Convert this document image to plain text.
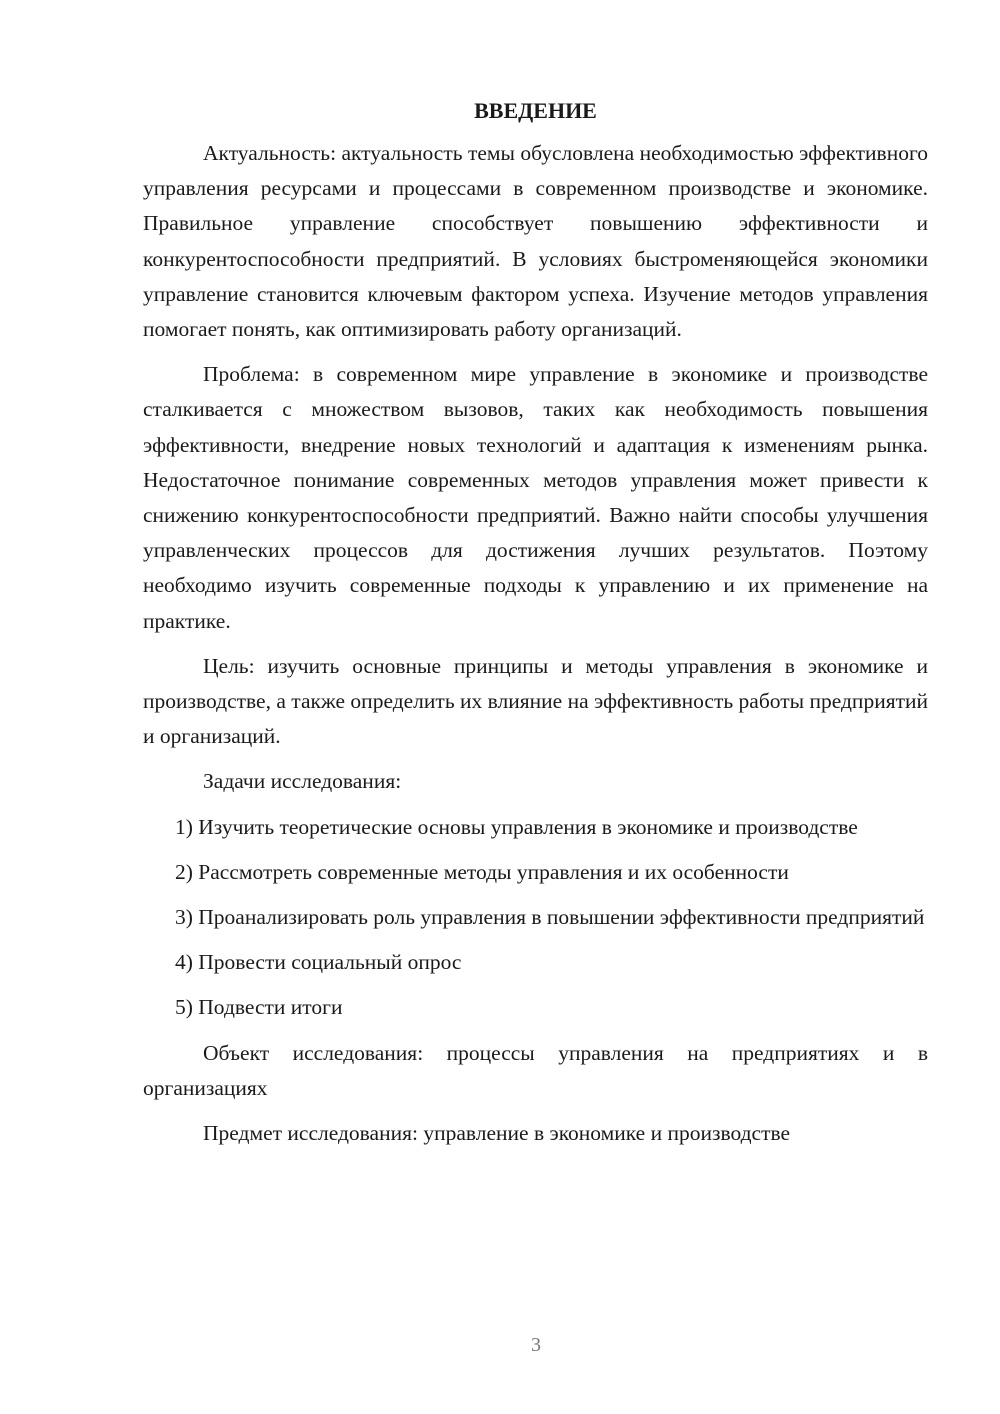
ВВЕДЕНИЕ

Актуальность: актуальность темы обусловлена необходимостью эффективного управления ресурсами и процессами в современном производстве и экономике. Правильное управление способствует повышению эффективности и конкурентоспособности предприятий. В условиях быстроменяющейся экономики управление становится ключевым фактором успеха. Изучение методов управления помогает понять, как оптимизировать работу организаций.

Проблема: в современном мире управление в экономике и производстве сталкивается с множеством вызовов, таких как необходимость повышения эффективности, внедрение новых технологий и адаптация к изменениям рынка. Недостаточное понимание современных методов управления может привести к снижению конкурентоспособности предприятий. Важно найти способы улучшения управленческих процессов для достижения лучших результатов. Поэтому необходимо изучить современные подходы к управлению и их применение на практике.

Цель: изучить основные принципы и методы управления в экономике и производстве, а также определить их влияние на эффективность работы предприятий и организаций.

Задачи исследования:

1) Изучить теоретические основы управления в экономике и производстве

2) Рассмотреть современные методы управления и их особенности

3) Проанализировать роль управления в повышении эффективности предприятий

4) Провести социальный опрос

5) Подвести итоги

Объект исследования: процессы управления на предприятиях и в организациях

Предмет исследования: управление в экономике и производстве

3
